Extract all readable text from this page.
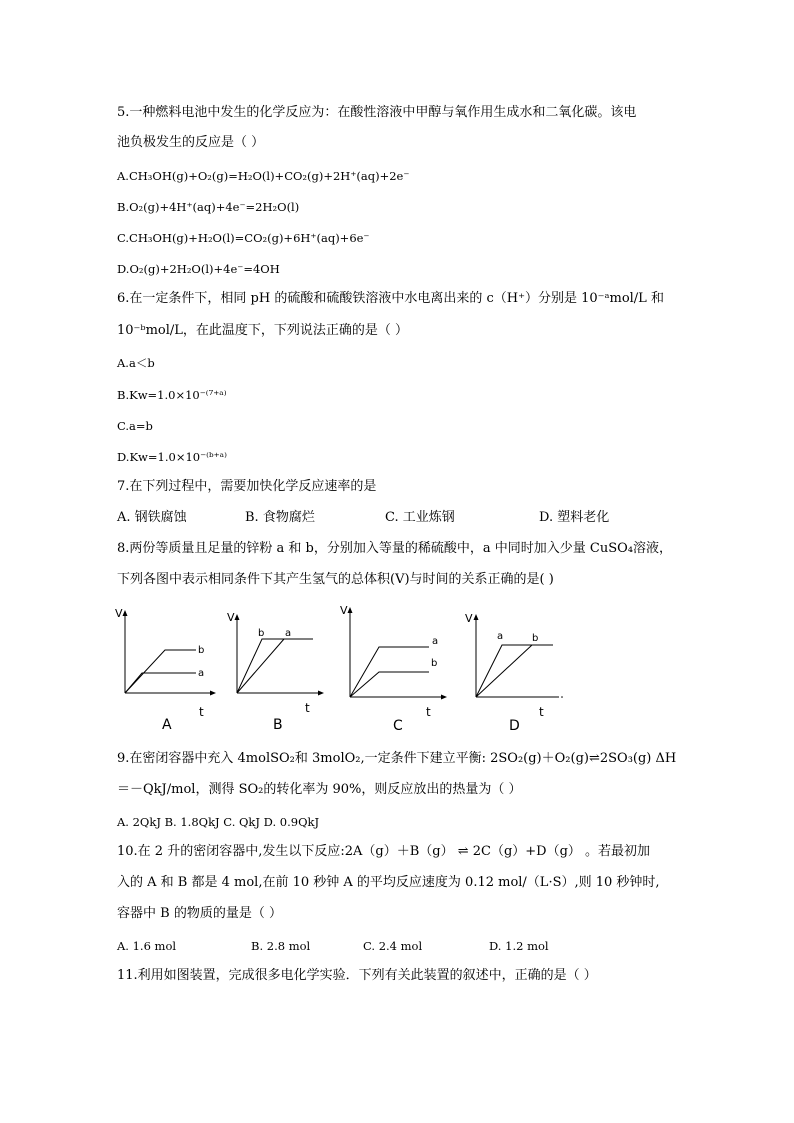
5.一种燃料电池中发生的化学反应为：在酸性溶液中甲醇与氧作用生成水和二氧化碳。该电
池负极发生的反应是（ ）
A.CH₃OH(g)+O₂(g)=H₂O(l)+CO₂(g)+2H⁺(aq)+2e⁻
B.O₂(g)+4H⁺(aq)+4e⁻=2H₂O(l)
C.CH₃OH(g)+H₂O(l)=CO₂(g)+6H⁺(aq)+6e⁻
D.O₂(g)+2H₂O(l)+4e⁻=4OH
6.在一定条件下，相同 pH 的硫酸和硫酸铁溶液中水电离出来的 c（H⁺）分别是 10⁻ᵃmol/L 和
10⁻ᵇmol/L，在此温度下，下列说法正确的是（ ）
A.a＜b
B.Kw=1.0×10⁻⁽⁷⁺ᵃ⁾
C.a=b
D.Kw=1.0×10⁻⁽ᵇ⁺ᵃ⁾
7.在下列过程中，需要加快化学反应速率的是
A. 钢铁腐蚀	B. 食物腐烂	C. 工业炼钢	D. 塑料老化
8.两份等质量且足量的锌粉 a 和 b，分别加入等量的稀硫酸中，a 中同时加入少量 CuSO₄溶液，
下列各图中表示相同条件下其产生氢气的总体积(V)与时间的关系正确的是( )
V
t
b
a
A
V
t
b a
B
V
t
a
b
C
V
t
a	b
D
9.在密闭容器中充入 4molSO₂和 3molO₂,一定条件下建立平衡: 2SO₂(g)＋O₂(g)⇌2SO₃(g) ΔH
＝－QkJ/mol，测得 SO₂的转化率为 90%，则反应放出的热量为（ ）
A. 2QkJ B. 1.8QkJ C. QkJ D. 0.9QkJ
10.在 2 升的密闭容器中,发生以下反应:2A（g）＋B（g） ⇌ 2C（g）+D（g） 。若最初加
入的 A 和 B 都是 4 mol,在前 10 秒钟 A 的平均反应速度为 0.12 mol/（L·S）,则 10 秒钟时,
容器中 B 的物质的量是（ ）
A. 1.6 mol	B. 2.8 mol	C. 2.4 mol	D. 1.2 mol
11.利用如图装置，完成很多电化学实验．下列有关此装置的叙述中，正确的是（ ）
